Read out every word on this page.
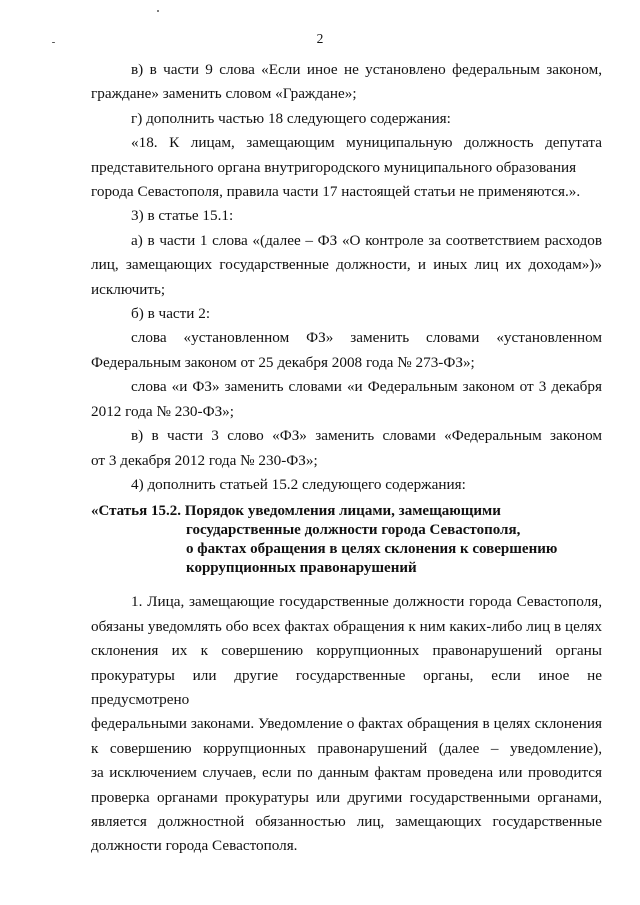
2
в) в части 9 слова «Если иное не установлено федеральным законом,
граждане» заменить словом «Граждане»;
г) дополнить частью 18 следующего содержания:
«18. К лицам, замещающим муниципальную должность депутата
представительного органа внутригородского муниципального образования
города Севастополя, правила части 17 настоящей статьи не применяются.».
3) в статье 15.1:
а) в части 1 слова «(далее – ФЗ «О контроле за соответствием расходов
лиц, замещающих государственные должности, и иных лиц их доходам»)»
исключить;
б) в части 2:
слова «установленном ФЗ» заменить словами «установленном
Федеральным законом от 25 декабря 2008 года № 273-ФЗ»;
слова «и ФЗ» заменить словами «и Федеральным законом от 3 декабря
2012 года № 230-ФЗ»;
в) в части 3 слово «ФЗ» заменить словами «Федеральным законом
от 3 декабря 2012 года № 230-ФЗ»;
4) дополнить статьей 15.2 следующего содержания:
«Статья 15.2. Порядок уведомления лицами, замещающими
государственные должности города Севастополя,
о фактах обращения в целях склонения к совершению
коррупционных правонарушений
1. Лица, замещающие государственные должности города Севастополя,
обязаны уведомлять обо всех фактах обращения к ним каких-либо лиц в целях
склонения их к совершению коррупционных правонарушений органы
прокуратуры или другие государственные органы, если иное не предусмотрено
федеральными законами. Уведомление о фактах обращения в целях склонения
к совершению коррупционных правонарушений (далее – уведомление),
за исключением случаев, если по данным фактам проведена или проводится
проверка органами прокуратуры или другими государственными органами,
является должностной обязанностью лиц, замещающих государственные
должности города Севастополя.
